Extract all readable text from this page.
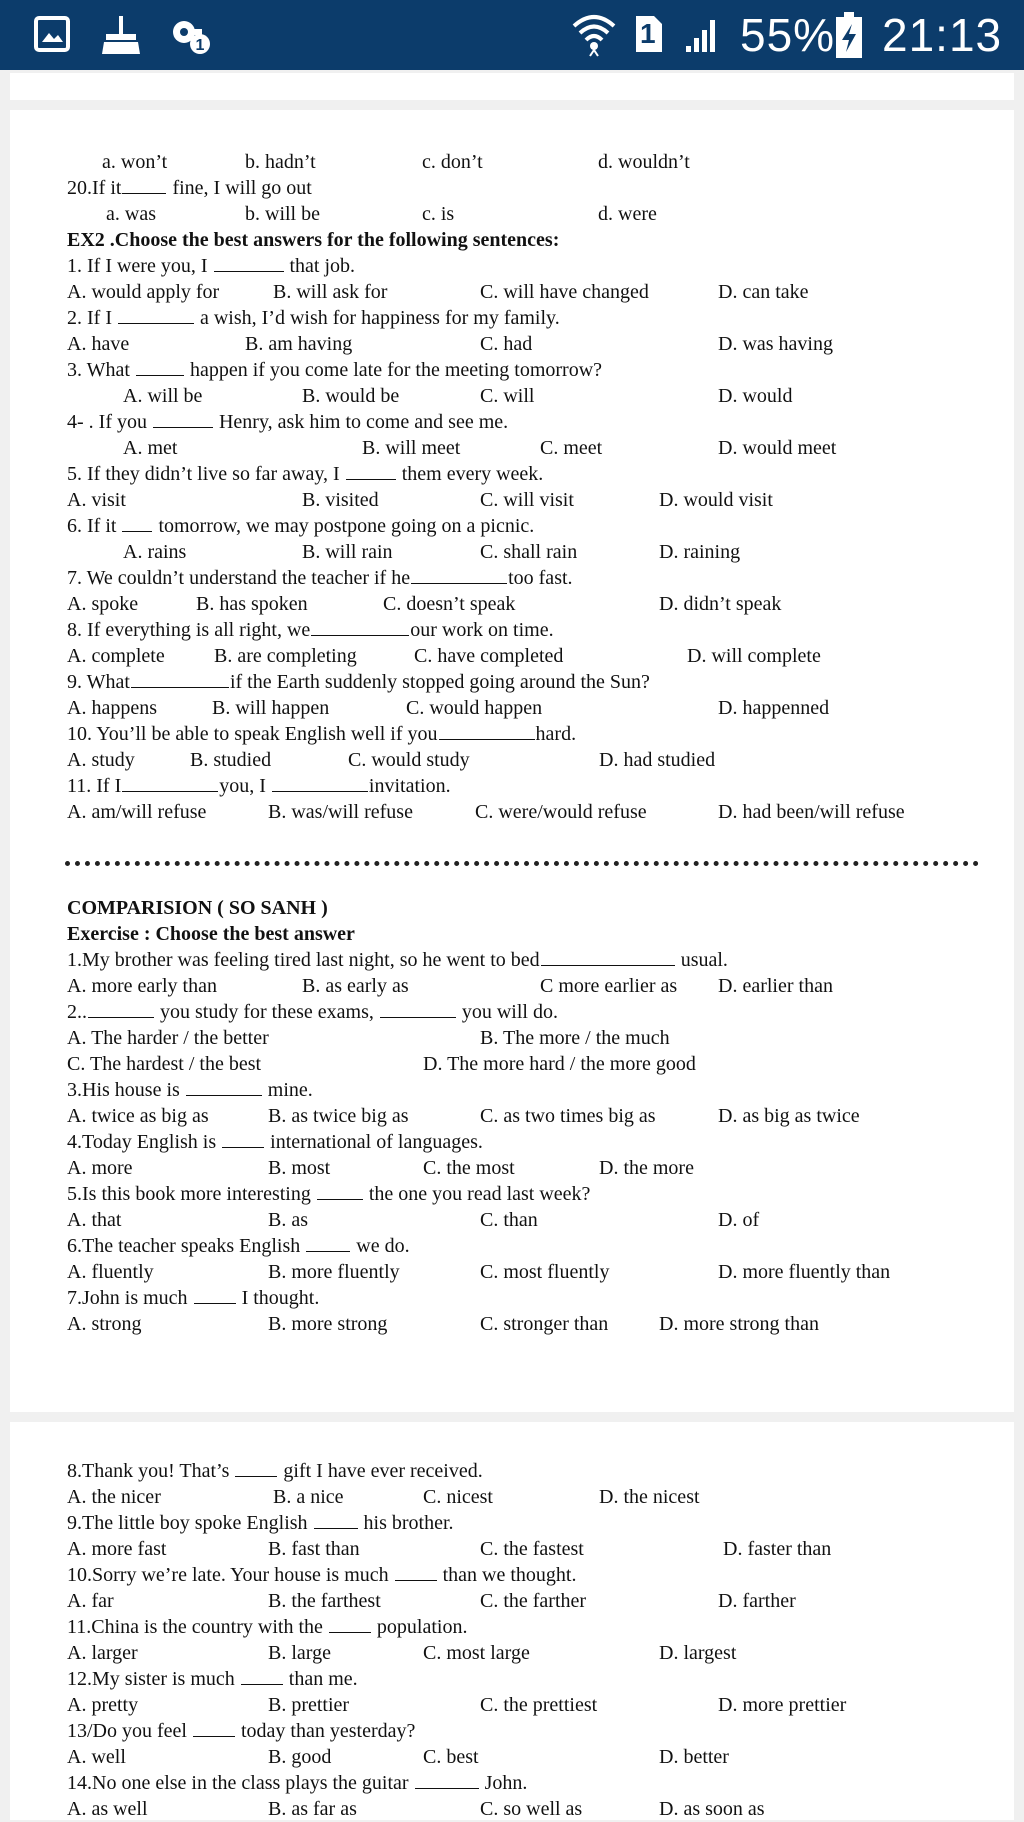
1	1 55% 21:13
a. won’t	b. hadn’t	c. don’t	d. wouldn’t
20.If it	fine, I will go out
a. was	b. will be	c. is	d. were
EX2 .Choose the best answers for the following sentences:
1. If I were you, I	that job.
A. would apply for	B. will ask for	C. will have changed	D. can take
2. If I	a wish, I’d wish for happiness for my family.
A. have	B. am having	C. had	D. was having
3. What	happen if you come late for the meeting tomorrow?
A. will be	B. would be	C. will	D. would
4- . If you	Henry, ask him to come and see me.
A. met	B. will meet	C. meet	D. would meet
5. If they didn’t live so far away, I	them every week.
A. visit	B. visited	C. will visit	D. would visit
6. If it tomorrow, we may postpone going on a picnic.
A. rains	B. will rain	C. shall rain	D. raining
7. We couldn’t understand the teacher if he	too fast.
A. spoke	B. has spoken	C. doesn’t speak	D. didn’t speak
8. If everything is all right, we	our work on time.
A. complete B. are completing	C. have completed	D. will complete
9. What	if the Earth suddenly stopped going around the Sun?
A. happens	B. will happen	C. would happen	D. happenned
10. You’ll be able to speak English well if you	hard.
A. study	B. studied	C. would study	D. had studied
11. If I	you, I	invitation.
A. am/will refuse	B. was/will refuse	C. were/would refuse	D. had been/will refuse
COMPARISION ( SO SANH )
Exercise : Choose the best answer
1.My brother was feeling tired last night, so he went to bed	usual.
A. more early than	B. as early as	C more earlier as D. earlier than
2..	you study for these exams,	you will do.
A. The harder / the better	B. The more / the much
C. The hardest / the best	D. The more hard / the more good
3.His house is	mine.
A. twice as big as	B. as twice big as	C. as two times big as	D. as big as twice
4.Today English is	international of languages.
A. more	B. most	C. the most	D. the more
5.Is this book more interesting	the one you read last week?
A. that	B. as	C. than	D. of
6.The teacher speaks English	we do.
A. fluently	B. more fluently	C. most fluently	D. more fluently than
7.John is much	I thought.
A. strong	B. more strong	C. stronger than	D. more strong than
8.Thank you! That’s	gift I have ever received.
A. the nicer	B. a nice	C. nicest	D. the nicest
9.The little boy spoke English	his brother.
A. more fast	B. fast than	C. the fastest	D. faster than
10.Sorry we’re late. Your house is much	than we thought.
A. far	B. the farthest	C. the farther	D. farther
11.China is the country with the	population.
A. larger	B. large	C. most large	D. largest
12.My sister is much	than me.
A. pretty	B. prettier	C. the prettiest	D. more prettier
13/Do you feel	today than yesterday?
A. well	B. good	C. best	D. better
14.No one else in the class plays the guitar	John.
A. as well	B. as far as	C. so well as	D. as soon as
